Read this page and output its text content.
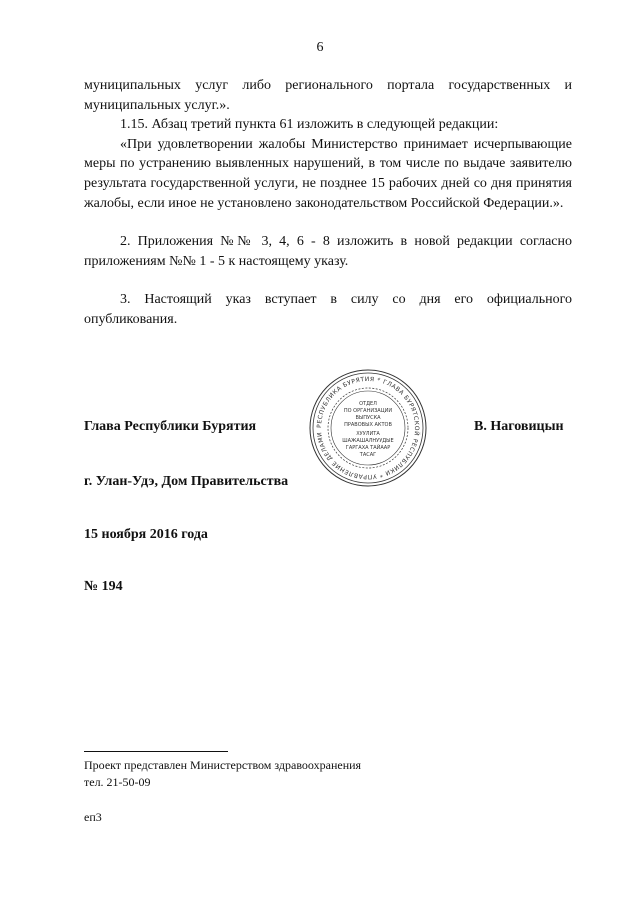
6

муниципальных услуг либо регионального портала государственных и муниципальных услуг.».

1.15. Абзац третий пункта 61 изложить в следующей редакции:

«При удовлетворении жалобы Министерство принимает исчерпывающие меры по устранению выявленных нарушений, в том числе по выдаче заявителю результата государственной услуги, не позднее 15 рабочих дней со дня принятия жалобы, если иное не установлено законодательством Российской Федерации.».

2. Приложения №№ 3, 4, 6 - 8 изложить в новой редакции согласно приложениям №№ 1 - 5 к настоящему указу.

3. Настоящий указ вступает в силу со дня его официального опубликования.

РЕСПУБЛИКА БУРЯТИЯ * ГЛАВА БУРЯТСКОЙ РЕСПУБЛИКИ * УПРАВЛЕНИЕ ДЕЛАМИ
ОТДЕЛ
ПО ОРГАНИЗАЦИИ
ВЫПУСКА
ПРАВОВЫХ АКТОВ
ХУУЛИТА
ШАЖАШАЛНУУДЫЕ
ГАРГАХА ТАЙААР
ТАСАГ
Глава Республики Бурятия	В. Наговицын
г. Улан-Удэ, Дом Правительства
15 ноября 2016 года
№ 194
Проект представлен Министерством здравоохранения
тел. 21-50-09
еп3
